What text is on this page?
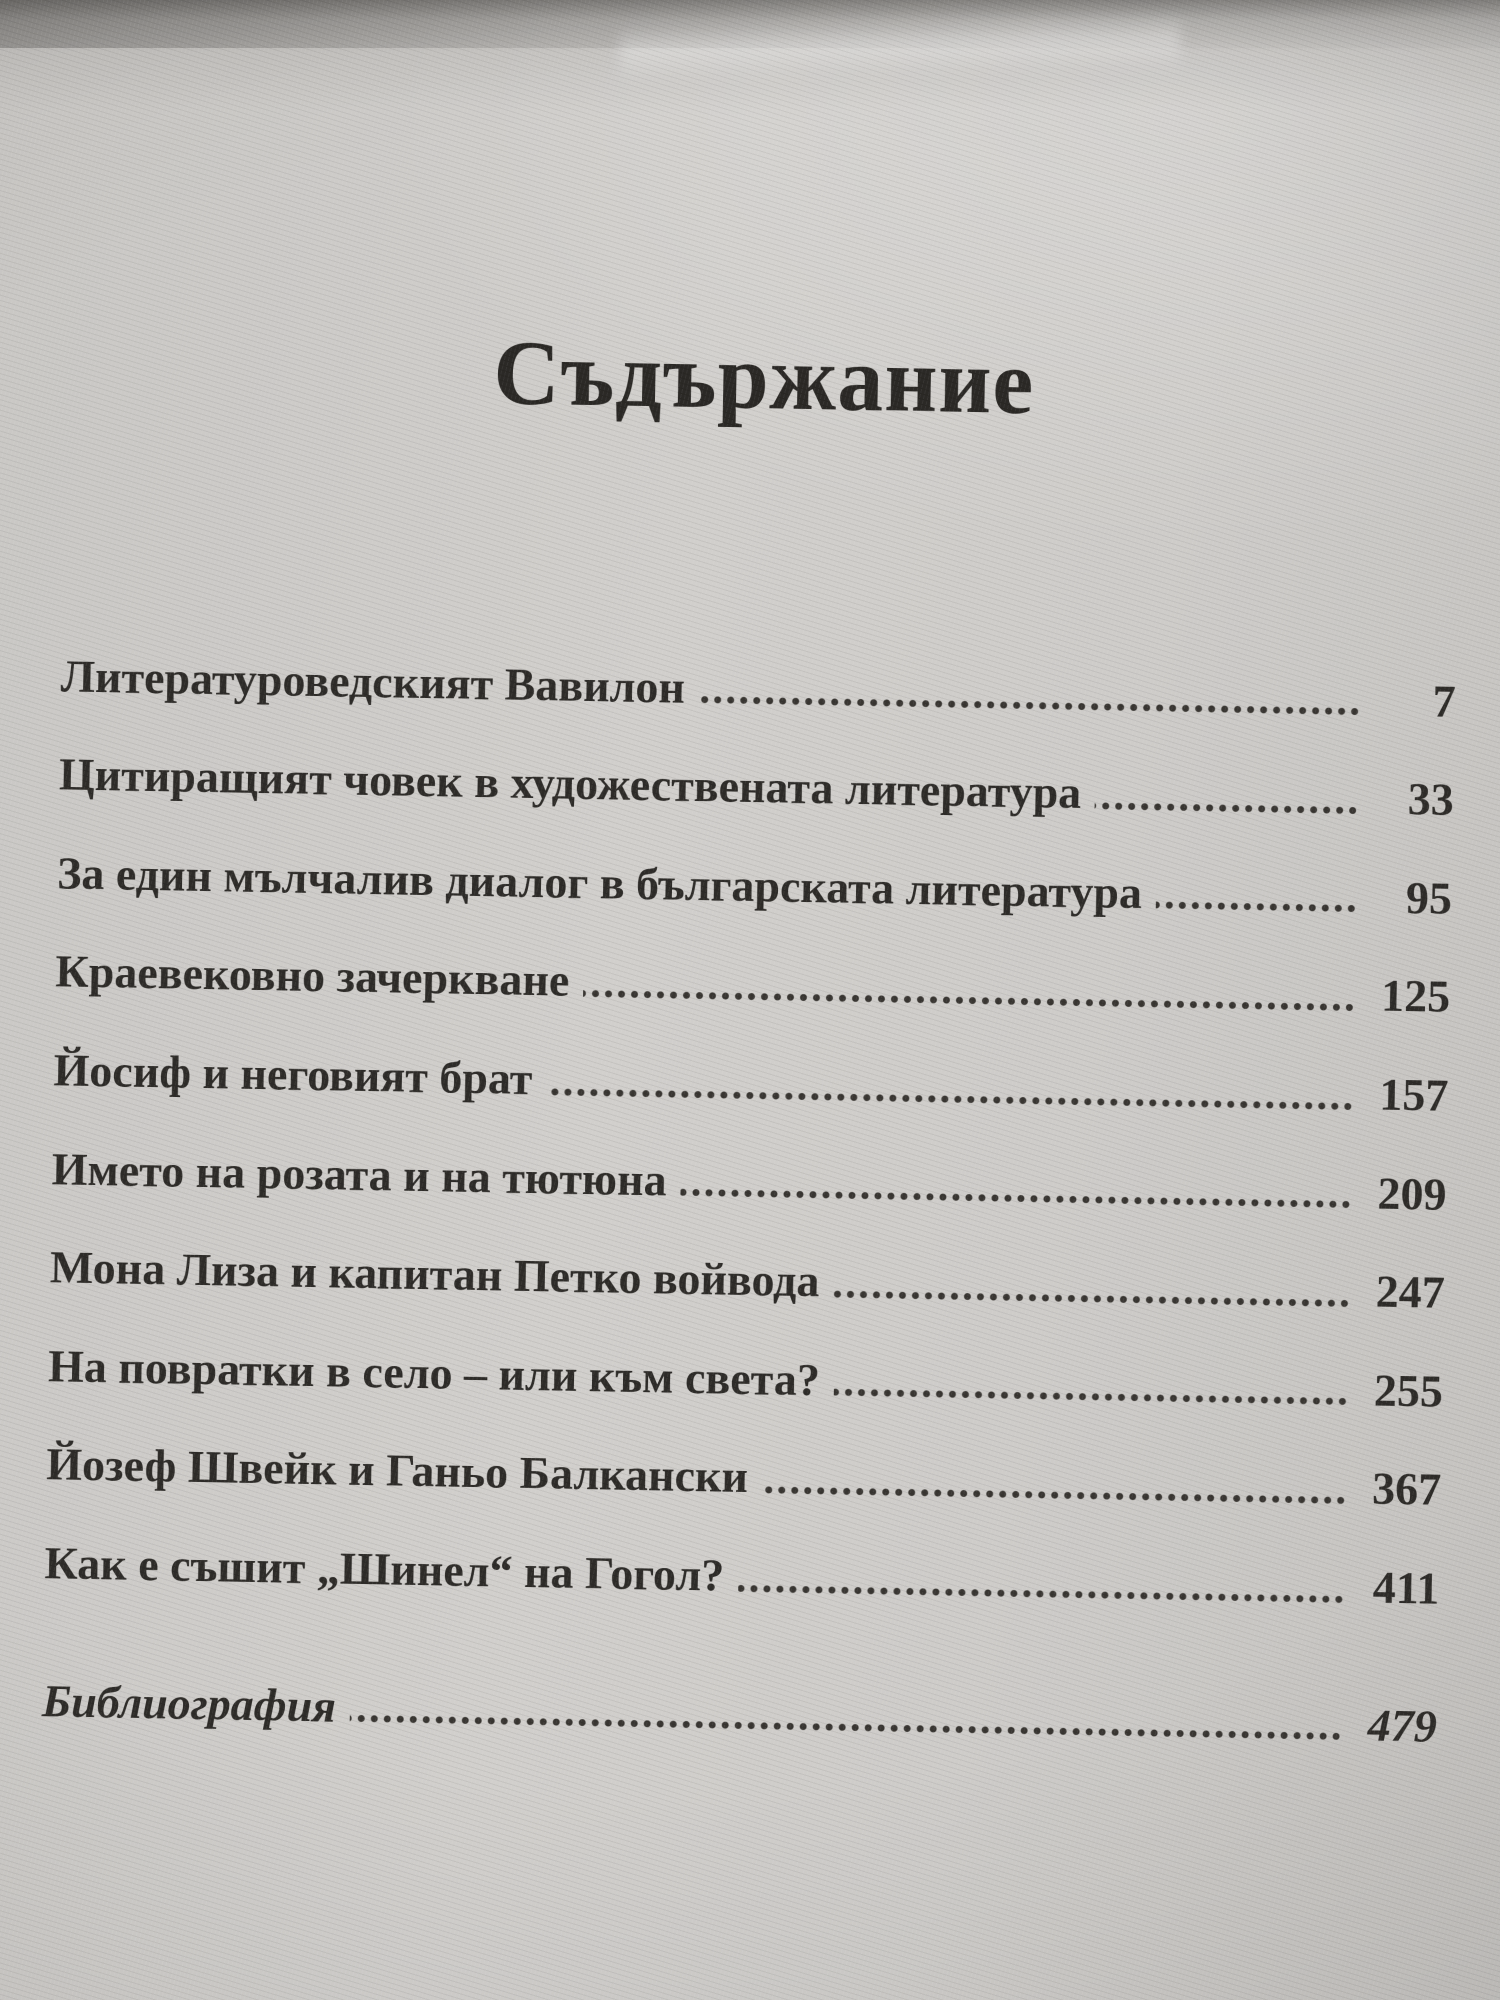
Съдържание
Литературоведският Вавилон	7
Цитиращият човек в художествената литература	33
За един мълчалив диалог в българската литература	95
Краевековно зачеркване	125
Йосиф и неговият брат	157
Името на розата и на тютюна	209
Мона Лиза и капитан Петко войвода	247
На повратки в село – или към света?	255
Йозеф Швейк и Ганьо Балкански	367
Как е съшит „Шинел“ на Гогол?	411
Библиография	479
